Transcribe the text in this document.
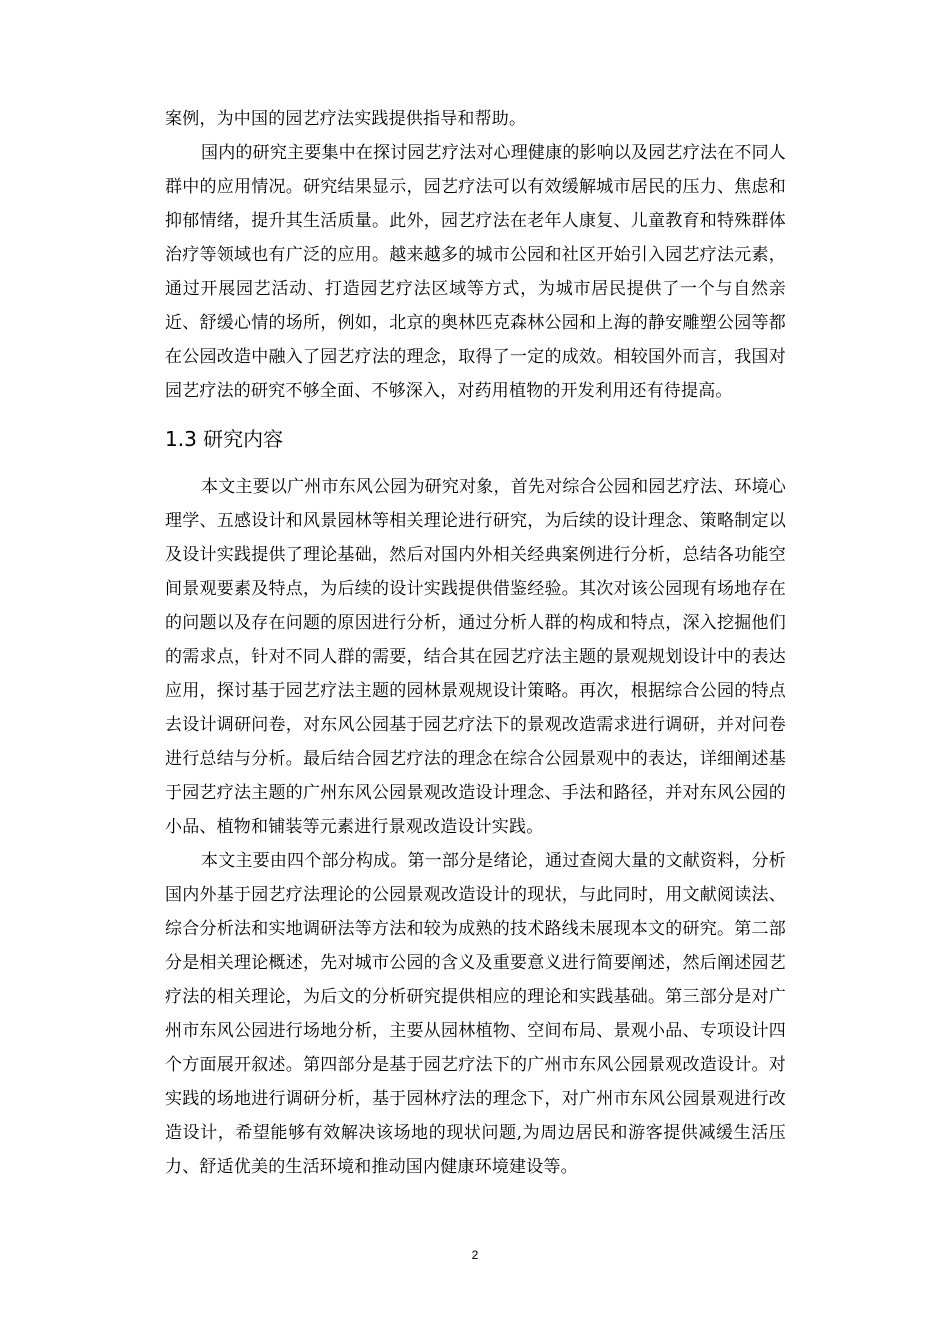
案例，为中国的园艺疗法实践提供指导和帮助。

国内的研究主要集中在探讨园艺疗法对心理健康的影响以及园艺疗法在不同人群中的应用情况。研究结果显示，园艺疗法可以有效缓解城市居民的压力、焦虑和抑郁情绪，提升其生活质量。此外，园艺疗法在老年人康复、儿童教育和特殊群体治疗等领域也有广泛的应用。越来越多的城市公园和社区开始引入园艺疗法元素，通过开展园艺活动、打造园艺疗法区域等方式，为城市居民提供了一个与自然亲近、舒缓心情的场所，例如，北京的奥林匹克森林公园和上海的静安雕塑公园等都在公园改造中融入了园艺疗法的理念，取得了一定的成效。相较国外而言，我国对园艺疗法的研究不够全面、不够深入，对药用植物的开发利用还有待提高。

1.3 研究内容

本文主要以广州市东风公园为研究对象，首先对综合公园和园艺疗法、环境心理学、五感设计和风景园林等相关理论进行研究，为后续的设计理念、策略制定以及设计实践提供了理论基础，然后对国内外相关经典案例进行分析，总结各功能空间景观要素及特点，为后续的设计实践提供借鉴经验。其次对该公园现有场地存在的问题以及存在问题的原因进行分析，通过分析人群的构成和特点，深入挖掘他们的需求点，针对不同人群的需要，结合其在园艺疗法主题的景观规划设计中的表达应用，探讨基于园艺疗法主题的园林景观规设计策略。再次，根据综合公园的特点去设计调研问卷，对东风公园基于园艺疗法下的景观改造需求进行调研，并对问卷进行总结与分析。最后结合园艺疗法的理念在综合公园景观中的表达，详细阐述基于园艺疗法主题的广州东风公园景观改造设计理念、手法和路径，并对东风公园的小品、植物和铺装等元素进行景观改造设计实践。

本文主要由四个部分构成。第一部分是绪论，通过查阅大量的文献资料，分析国内外基于园艺疗法理论的公园景观改造设计的现状，与此同时，用文献阅读法、综合分析法和实地调研法等方法和较为成熟的技术路线未展现本文的研究。第二部分是相关理论概述，先对城市公园的含义及重要意义进行简要阐述，然后阐述园艺疗法的相关理论，为后文的分析研究提供相应的理论和实践基础。第三部分是对广州市东风公园进行场地分析，主要从园林植物、空间布局、景观小品、专项设计四个方面展开叙述。第四部分是基于园艺疗法下的广州市东风公园景观改造设计。对实践的场地进行调研分析，基于园林疗法的理念下，对广州市东风公园景观进行改造设计，希望能够有效解决该场地的现状问题,为周边居民和游客提供减缓生活压力、舒适优美的生活环境和推动国内健康环境建设等。

2
